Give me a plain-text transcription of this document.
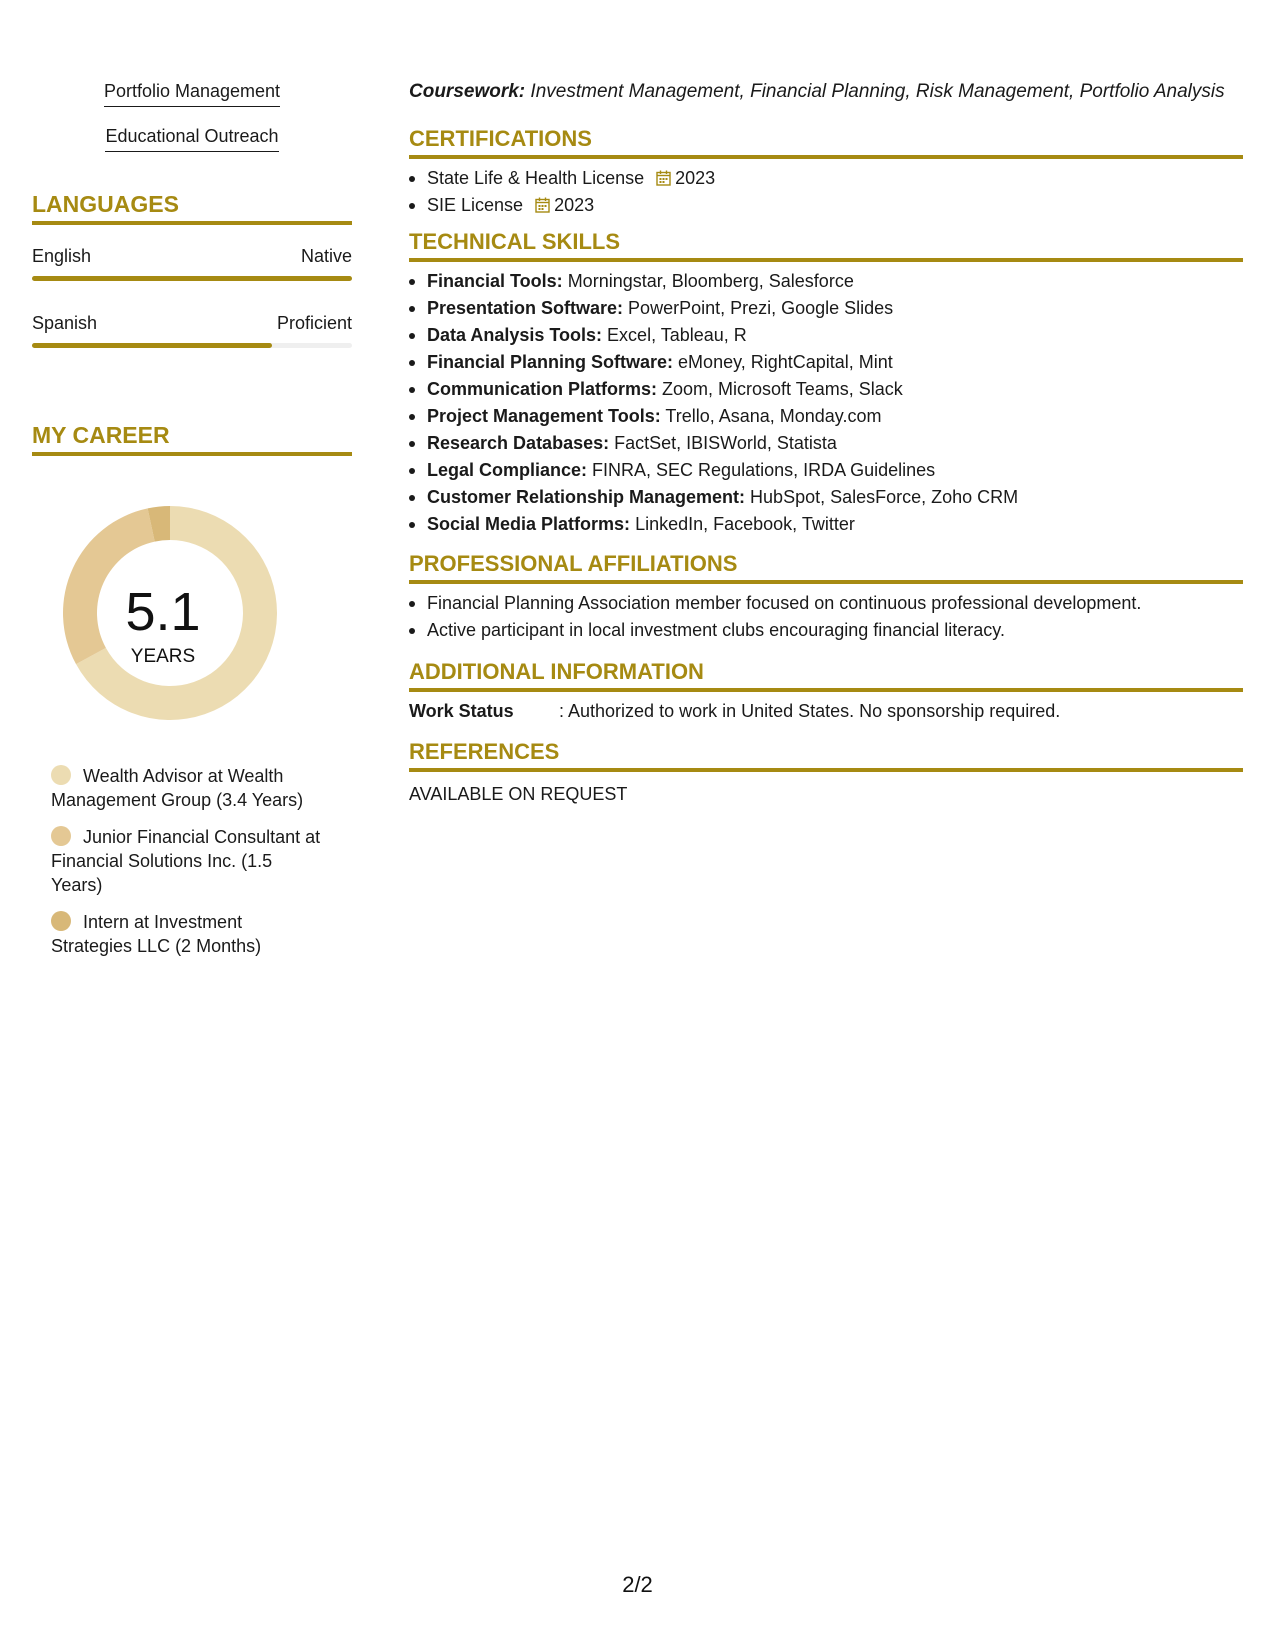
Portfolio Management
Educational Outreach
LANGUAGES
English	Native
Spanish	Proficient
MY CAREER
5.1
YEARS
Wealth Advisor at Wealth Management Group (3.4 Years)
Junior Financial Consultant at Financial Solutions Inc. (1.5 Years)
Intern at Investment Strategies LLC (2 Months)
Coursework: Investment Management, Financial Planning, Risk Management, Portfolio Analysis
CERTIFICATIONS
State Life & Health License 2023
SIE License 2023
TECHNICAL SKILLS
Financial Tools: Morningstar, Bloomberg, Salesforce
Presentation Software: PowerPoint, Prezi, Google Slides
Data Analysis Tools: Excel, Tableau, R
Financial Planning Software: eMoney, RightCapital, Mint
Communication Platforms: Zoom, Microsoft Teams, Slack
Project Management Tools: Trello, Asana, Monday.com
Research Databases: FactSet, IBISWorld, Statista
Legal Compliance: FINRA, SEC Regulations, IRDA Guidelines
Customer Relationship Management: HubSpot, SalesForce, Zoho CRM
Social Media Platforms: LinkedIn, Facebook, Twitter
PROFESSIONAL AFFILIATIONS
Financial Planning Association member focused on continuous professional development.
Active participant in local investment clubs encouraging financial literacy.
ADDITIONAL INFORMATION
Work Status	: Authorized to work in United States. No sponsorship required.
REFERENCES
AVAILABLE ON REQUEST
2/2
